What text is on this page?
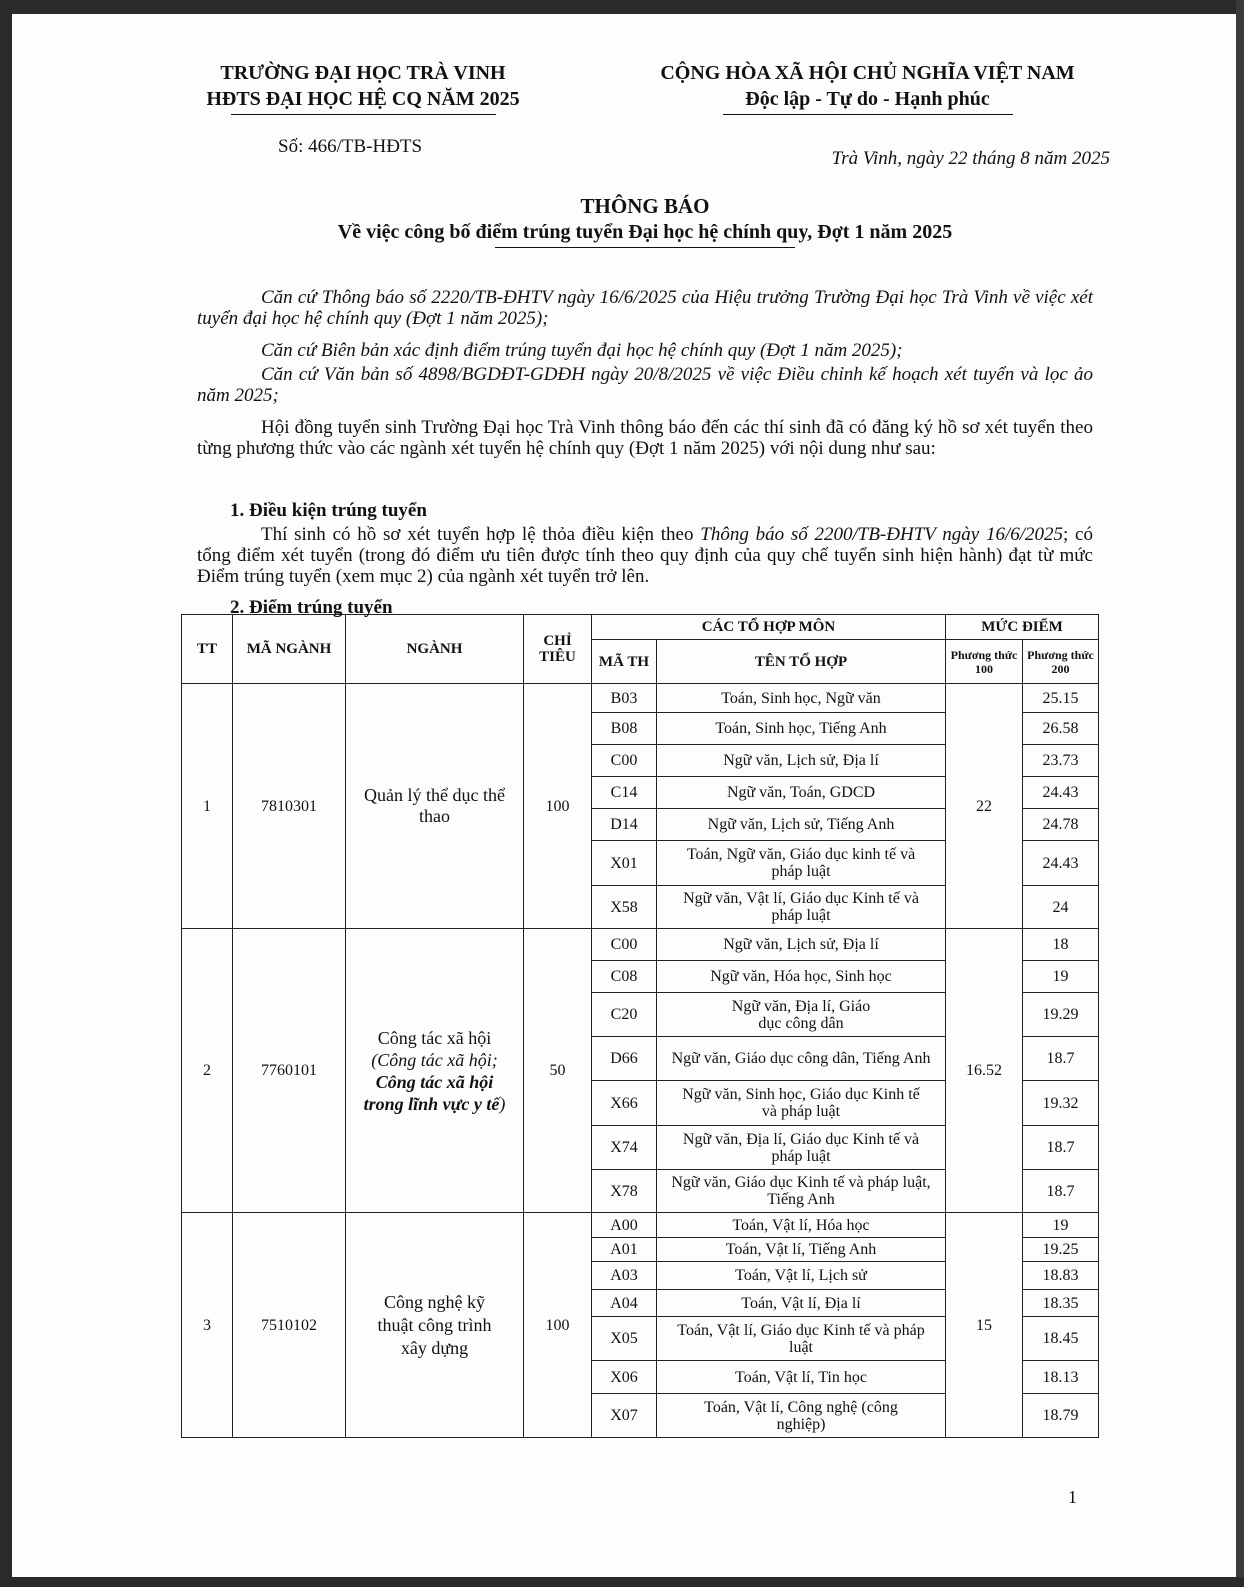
TRƯỜNG ĐẠI HỌC TRÀ VINH
HĐTS ĐẠI HỌC HỆ CQ NĂM 2025
CỘNG HÒA XÃ HỘI CHỦ NGHĨA VIỆT NAM
Độc lập - Tự do - Hạnh phúc
Số: 466/TB-HĐTS
Trà Vinh, ngày 22 tháng 8 năm 2025
THÔNG BÁO
Về việc công bố điểm trúng tuyển Đại học hệ chính quy, Đợt 1 năm 2025
Căn cứ Thông báo số 2220/TB-ĐHTV ngày 16/6/2025 của Hiệu trưởng Trường Đại học Trà Vinh về việc xét tuyển đại học hệ chính quy (Đợt 1 năm 2025);
Căn cứ Biên bản xác định điểm trúng tuyển đại học hệ chính quy (Đợt 1 năm 2025);
Căn cứ Văn bản số 4898/BGDĐT-GDĐH ngày 20/8/2025 về việc Điều chỉnh kế hoạch xét tuyển và lọc ảo năm 2025;
Hội đồng tuyển sinh Trường Đại học Trà Vinh thông báo đến các thí sinh đã có đăng ký hồ sơ xét tuyển theo từng phương thức vào các ngành xét tuyển hệ chính quy (Đợt 1 năm 2025) với nội dung như sau:
1. Điều kiện trúng tuyển
Thí sinh có hồ sơ xét tuyển hợp lệ thỏa điều kiện theo Thông báo số 2200/TB-ĐHTV ngày 16/6/2025; có tổng điểm xét tuyển (trong đó điểm ưu tiên được tính theo quy định của quy chế tuyển sinh hiện hành) đạt từ mức Điểm trúng tuyển (xem mục 2) của ngành xét tuyển trở lên.
2. Điểm trúng tuyển
TT	MÃ NGÀNH	NGÀNH	CHỈ TIÊU	CÁC TỔ HỢP MÔN		MỨC ĐIỂM	
				MÃ TH	TÊN TỔ HỢP	Phương thức 100	Phương thức 200
1	7810301	Quản lý thể dục thể thao	100	B03	Toán, Sinh học, Ngữ văn	22	25.15
				B08	Toán, Sinh học, Tiếng Anh		26.58
				C00	Ngữ văn, Lịch sử, Địa lí		23.73
				C14	Ngữ văn, Toán, GDCD		24.43
				D14	Ngữ văn, Lịch sử, Tiếng Anh		24.78
				X01	Toán, Ngữ văn, Giáo dục kinh tế và pháp luật		24.43
				X58	Ngữ văn, Vật lí, Giáo dục Kinh tế và pháp luật		24
2	7760101	Công tác xã hội
(Công tác xã hội;
Công tác xã hội trong lĩnh vực y tế)	50	C00	Ngữ văn, Lịch sử, Địa lí	16.52	18
				C08	Ngữ văn, Hóa học, Sinh học		19
				C20	Ngữ văn, Địa lí, Giáo dục công dân		19.29
				D66	Ngữ văn, Giáo dục công dân, Tiếng Anh		18.7
				X66	Ngữ văn, Sinh học, Giáo dục Kinh tế và pháp luật		19.32
				X74	Ngữ văn, Địa lí, Giáo dục Kinh tế và pháp luật		18.7
				X78	Ngữ văn, Giáo dục Kinh tế và pháp luật, Tiếng Anh		18.7
3	7510102	Công nghệ kỹ thuật công trình xây dựng	100	A00	Toán, Vật lí, Hóa học	15	19
				A01	Toán, Vật lí, Tiếng Anh		19.25
				A03	Toán, Vật lí, Lịch sử		18.83
				A04	Toán, Vật lí, Địa lí		18.35
				X05	Toán, Vật lí, Giáo dục Kinh tế và pháp luật		18.45
				X06	Toán, Vật lí, Tin học		18.13
				X07	Toán, Vật lí, Công nghệ (công nghiệp)		18.79
1
